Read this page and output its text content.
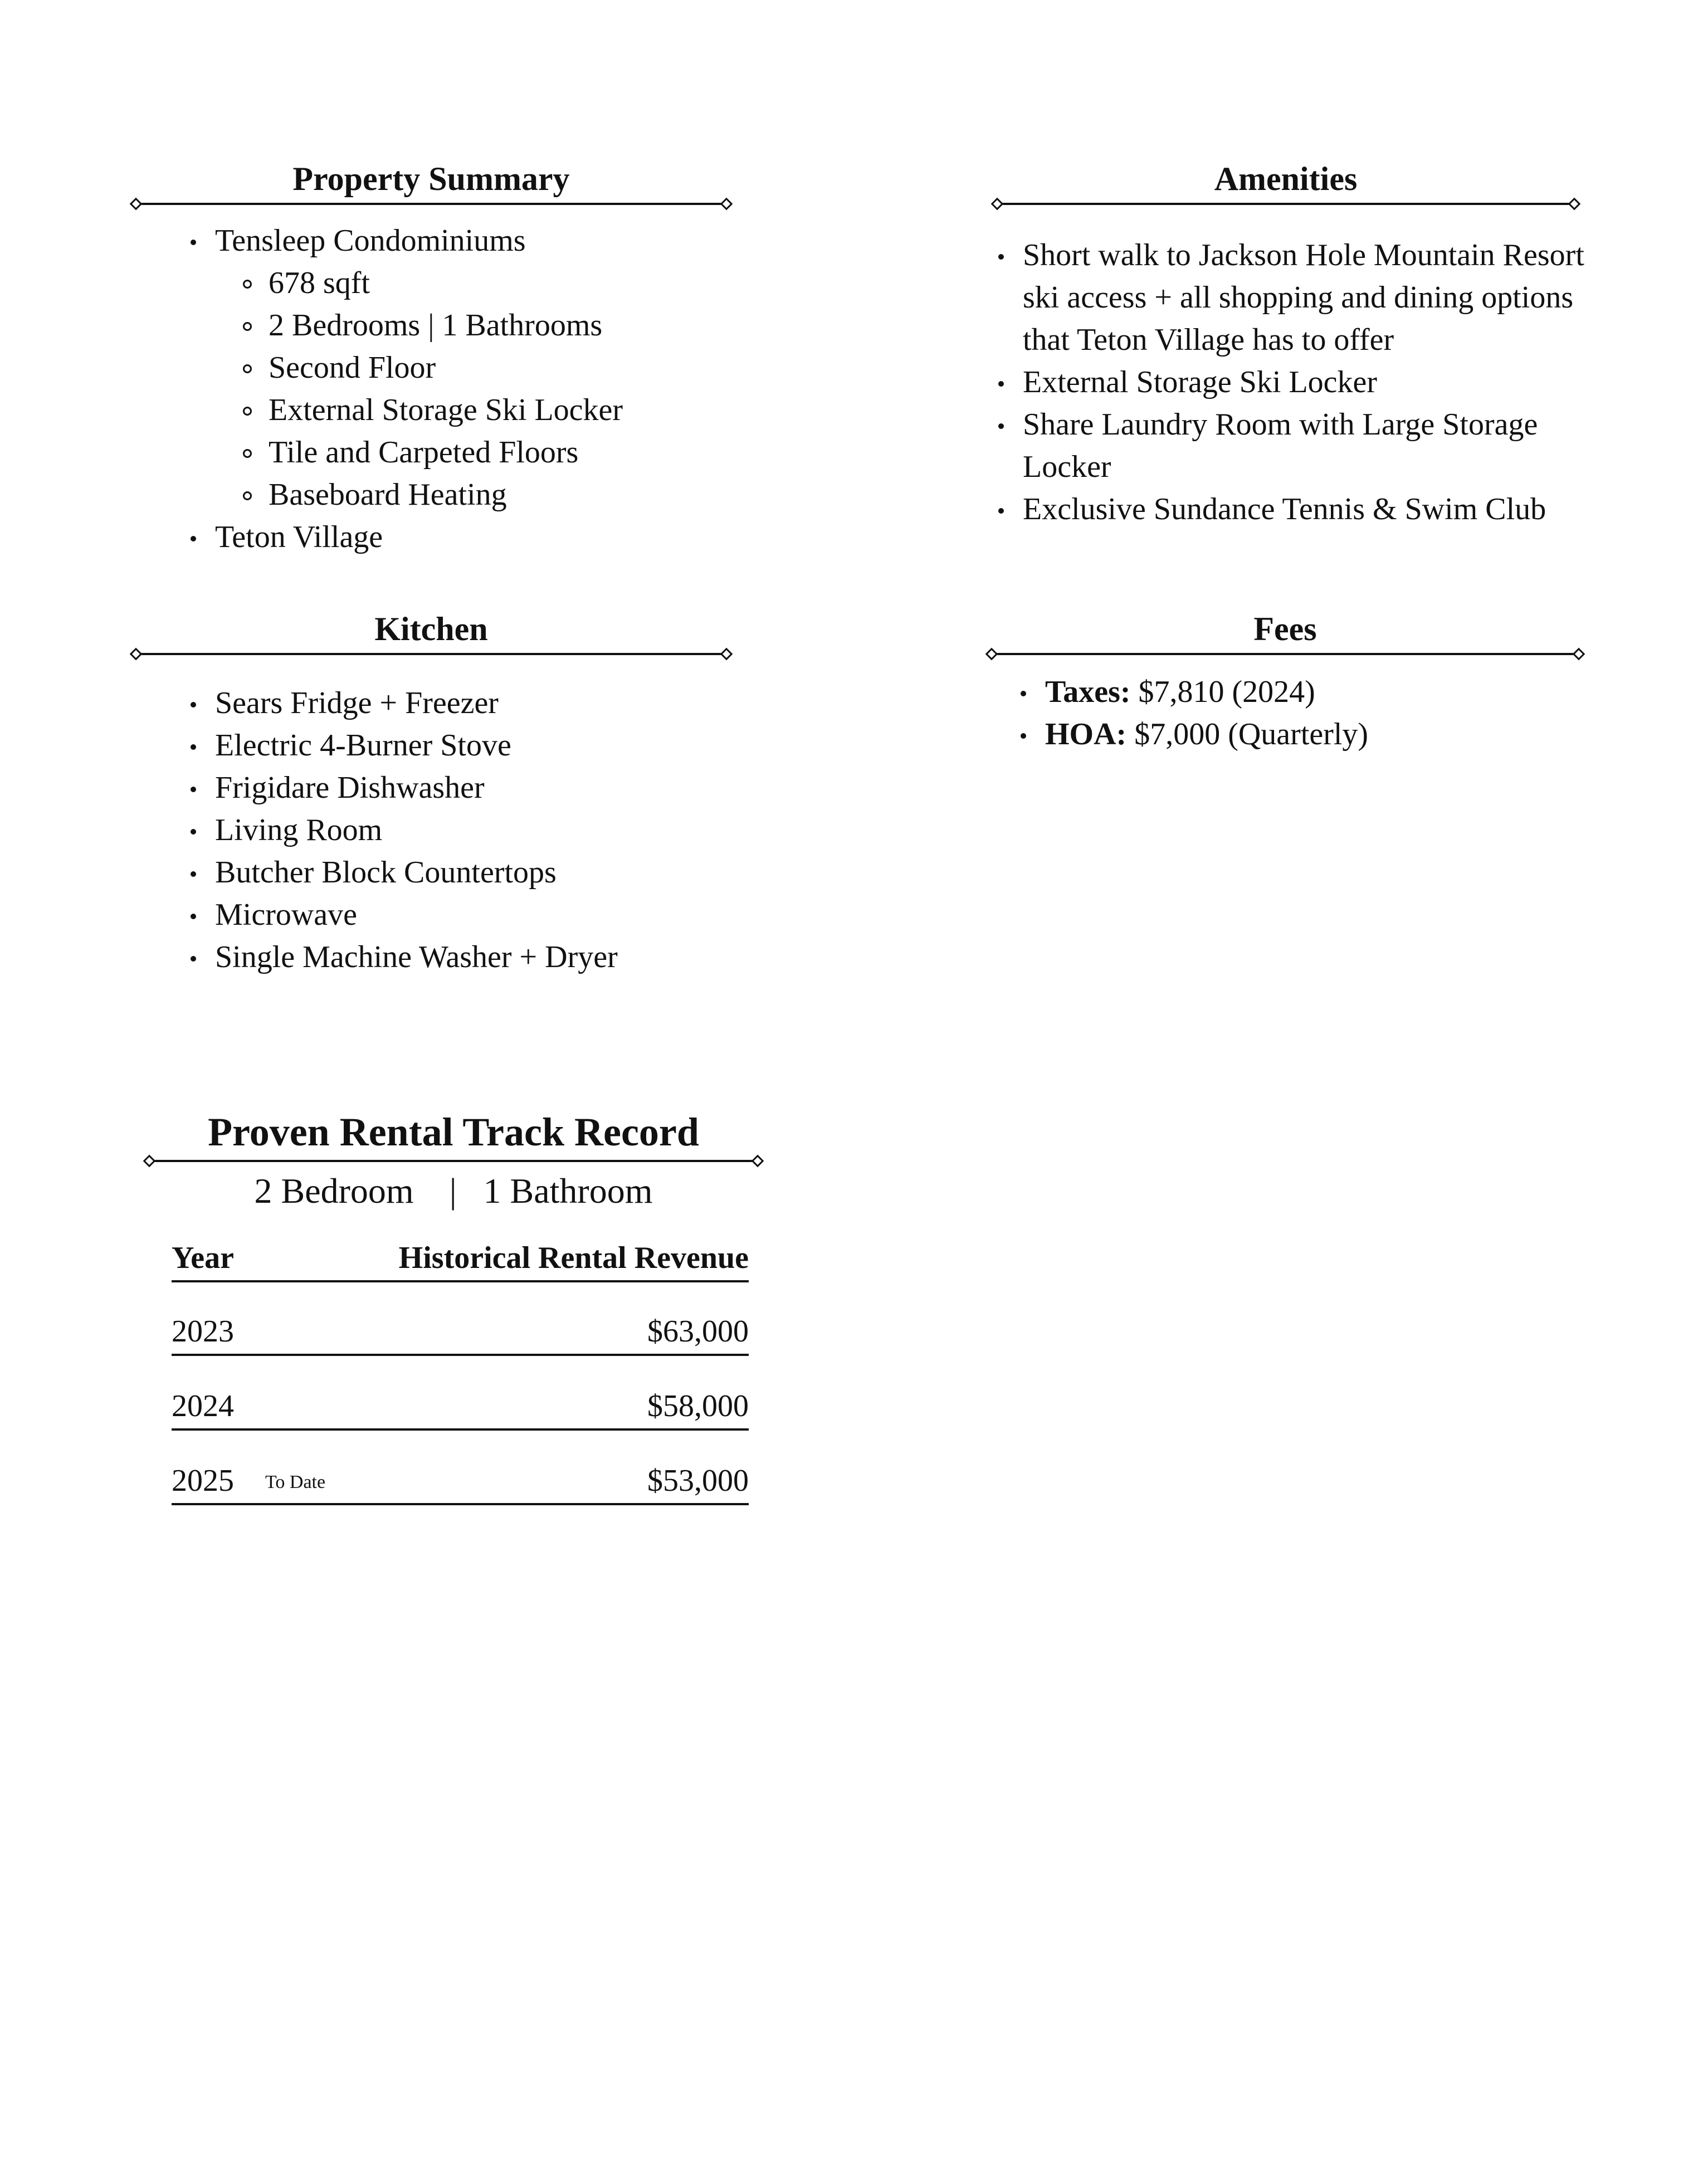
Property Summary
Tensleep Condominiums
678 sqft
2 Bedrooms | 1 Bathrooms
Second Floor
External Storage Ski Locker
Tile and Carpeted Floors
Baseboard Heating
Teton Village
Amenities
Short walk to Jackson Hole Mountain Resort ski access + all shopping and dining options that Teton Village has to offer
External Storage Ski Locker
Share Laundry Room with Large Storage Locker
Exclusive Sundance Tennis & Swim Club
Kitchen
Sears Fridge + Freezer
Electric 4-Burner Stove
Frigidare Dishwasher
Living Room
Butcher Block Countertops
Microwave
Single Machine Washer + Dryer
Fees
Taxes: $7,810 (2024)
HOA: $7,000 (Quarterly)
Proven Rental Track Record
2 Bedroom    |   1 Bathroom
Year	Historical Rental Revenue
2023	$63,000
2024	$58,000
2025 To Date	$53,000
